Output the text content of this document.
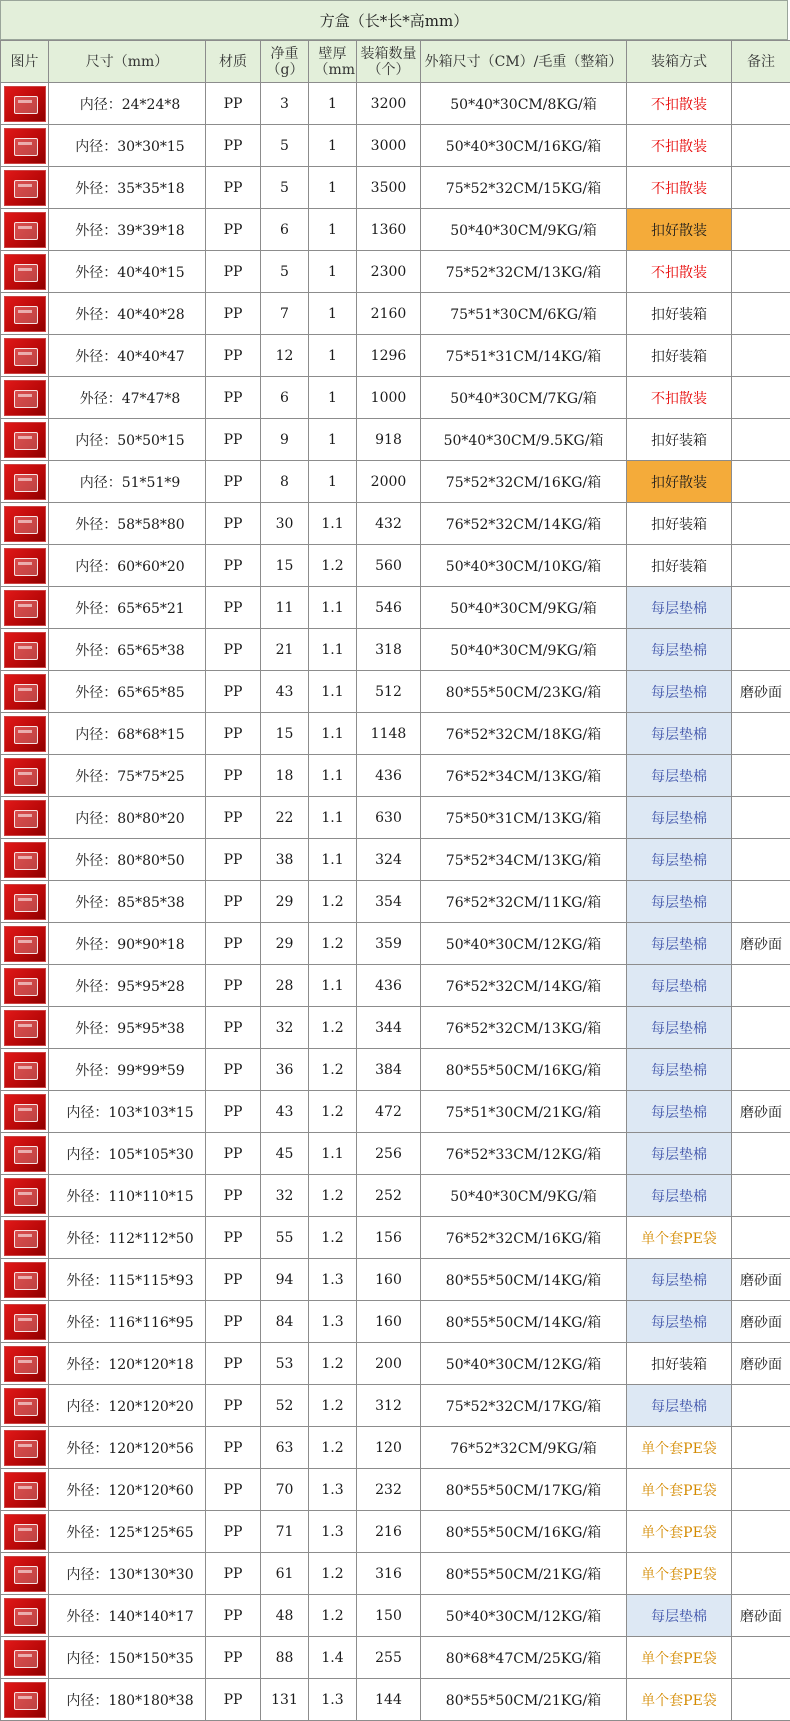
方盒（长*长*高mm）
图片	尺寸（mm）	材质	净重（g）	壁厚（mm	装箱数量（个）	外箱尺寸（CM）/毛重（整箱）	装箱方式	备注

	内径：24*24*8	PP	3	1	3200	50*40*30CM/8KG/箱	不扣散装	

	内径：30*30*15	PP	5	1	3000	50*40*30CM/16KG/箱	不扣散装	

	外径：35*35*18	PP	5	1	3500	75*52*32CM/15KG/箱	不扣散装	

	外径：39*39*18	PP	6	1	1360	50*40*30CM/9KG/箱	扣好散装	

	外径：40*40*15	PP	5	1	2300	75*52*32CM/13KG/箱	不扣散装	

	外径：40*40*28	PP	7	1	2160	75*51*30CM/6KG/箱	扣好装箱	

	外径：40*40*47	PP	12	1	1296	75*51*31CM/14KG/箱	扣好装箱	

	外径：47*47*8	PP	6	1	1000	50*40*30CM/7KG/箱	不扣散装	

	内径：50*50*15	PP	9	1	918	50*40*30CM/9.5KG/箱	扣好装箱	

	内径：51*51*9	PP	8	1	2000	75*52*32CM/16KG/箱	扣好散装	

	外径：58*58*80	PP	30	1.1	432	76*52*32CM/14KG/箱	扣好装箱	

	内径：60*60*20	PP	15	1.2	560	50*40*30CM/10KG/箱	扣好装箱	

	外径：65*65*21	PP	11	1.1	546	50*40*30CM/9KG/箱	每层垫棉	

	外径：65*65*38	PP	21	1.1	318	50*40*30CM/9KG/箱	每层垫棉	

	外径：65*65*85	PP	43	1.1	512	80*55*50CM/23KG/箱	每层垫棉	磨砂面

	内径：68*68*15	PP	15	1.1	1148	76*52*32CM/18KG/箱	每层垫棉	

	外径：75*75*25	PP	18	1.1	436	76*52*34CM/13KG/箱	每层垫棉	

	内径：80*80*20	PP	22	1.1	630	75*50*31CM/13KG/箱	每层垫棉	

	外径：80*80*50	PP	38	1.1	324	75*52*34CM/13KG/箱	每层垫棉	

	外径：85*85*38	PP	29	1.2	354	76*52*32CM/11KG/箱	每层垫棉	

	外径：90*90*18	PP	29	1.2	359	50*40*30CM/12KG/箱	每层垫棉	磨砂面

	外径：95*95*28	PP	28	1.1	436	76*52*32CM/14KG/箱	每层垫棉	

	外径：95*95*38	PP	32	1.2	344	76*52*32CM/13KG/箱	每层垫棉	

	外径：99*99*59	PP	36	1.2	384	80*55*50CM/16KG/箱	每层垫棉	

	内径：103*103*15	PP	43	1.2	472	75*51*30CM/21KG/箱	每层垫棉	磨砂面

	内径：105*105*30	PP	45	1.1	256	76*52*33CM/12KG/箱	每层垫棉	

	外径：110*110*15	PP	32	1.2	252	50*40*30CM/9KG/箱	每层垫棉	

	外径：112*112*50	PP	55	1.2	156	76*52*32CM/16KG/箱	单个套PE袋	

	外径：115*115*93	PP	94	1.3	160	80*55*50CM/14KG/箱	每层垫棉	磨砂面

	外径：116*116*95	PP	84	1.3	160	80*55*50CM/14KG/箱	每层垫棉	磨砂面

	外径：120*120*18	PP	53	1.2	200	50*40*30CM/12KG/箱	扣好装箱	磨砂面

	内径：120*120*20	PP	52	1.2	312	75*52*32CM/17KG/箱	每层垫棉	

	外径：120*120*56	PP	63	1.2	120	76*52*32CM/9KG/箱	单个套PE袋	

	外径：120*120*60	PP	70	1.3	232	80*55*50CM/17KG/箱	单个套PE袋	

	外径：125*125*65	PP	71	1.3	216	80*55*50CM/16KG/箱	单个套PE袋	

	内径：130*130*30	PP	61	1.2	316	80*55*50CM/21KG/箱	单个套PE袋	

	外径：140*140*17	PP	48	1.2	150	50*40*30CM/12KG/箱	每层垫棉	磨砂面

	内径：150*150*35	PP	88	1.4	255	80*68*47CM/25KG/箱	单个套PE袋	

	内径：180*180*38	PP	131	1.3	144	80*55*50CM/21KG/箱	单个套PE袋	
